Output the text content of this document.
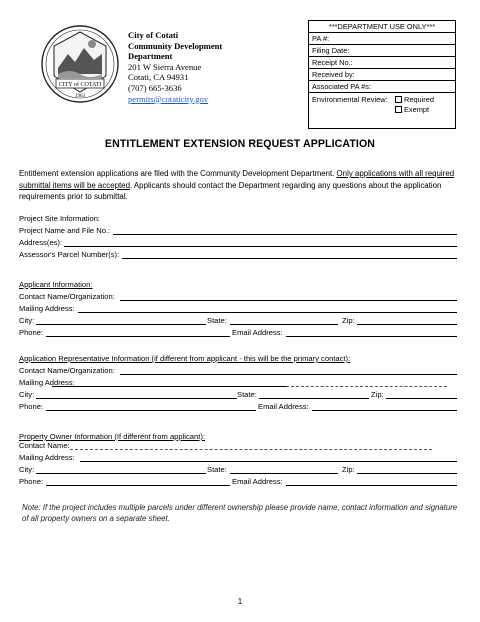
CITY of COTATI
1963
City of Cotati
Community Development
Department
201 W Sierra Avenue
Cotati, CA 94931
(707) 665-3636
permits@cotaticity.gov
***DEPARTMENT USE ONLY***
PA #:
Filing Date:
Receipt No.:
Received by:
Associated PA #s:
Environmental Review:	Required
Exempt
ENTITLEMENT EXTENSION REQUEST APPLICATION
Entitlement extension applications are filed with the Community Development Department. Only applications with all required submittal items will be accepted. Applicants should contact the Department regarding any questions about the application requirements prior to submittal.
Project Site Information:
Project Name and File No.:
Address(es):
Assessor's Parcel Number(s):
Applicant Information:
Contact Name/Organization:
Mailing Address:
City:	State:	Zip:
Phone:	Email Address:
Application Representative Information (if different from applicant - this will be the primary contact):
Contact Name/Organization:
Mailing Address:
City:	State:	Zip:
Phone:	Email Address:
Property Owner Information (If different from applicant):
Contact Name:
Mailing Address:
City:	State:	Zip:
Phone:	Email Address:
Note: If the project includes multiple parcels under different ownership please provide name, contact information and signature of all property owners on a separate sheet.
1
